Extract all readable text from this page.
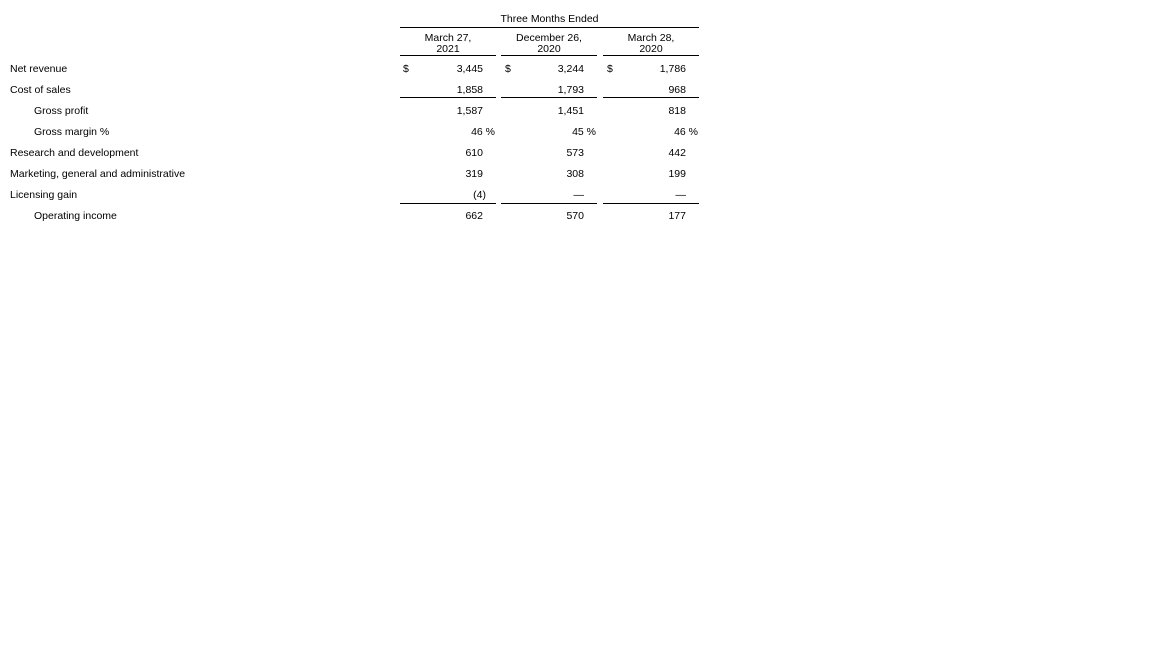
Three Months Ended
March 27,
2021
December 26,
2020
March 28,
2020
Net revenue	$	3,445 $	3,244 $	1,786
Cost of sales	1,858	1,793	968
Gross profit	1,587	1,451	818
Gross margin %	46 %	45 %	46 %
Research and development	610	573	442
Marketing, general and administrative	319	308	199
Licensing gain	(4)	—	—
Operating income	662	570	177
